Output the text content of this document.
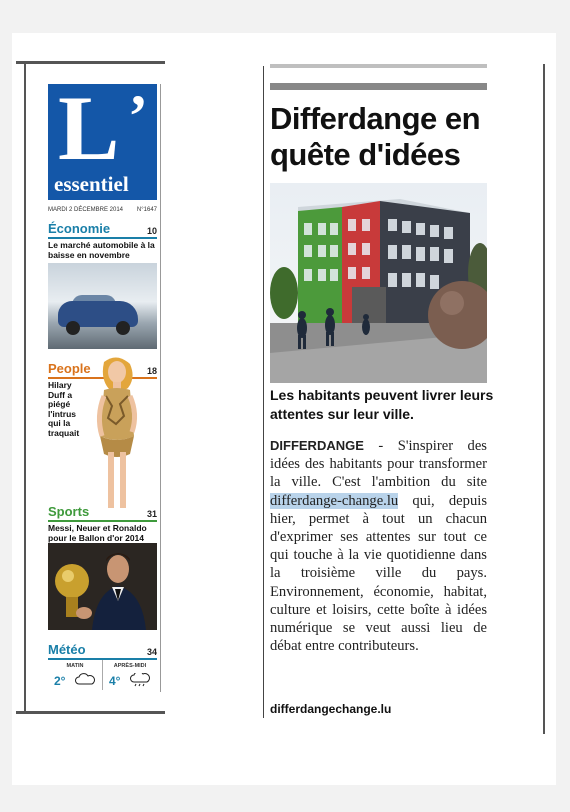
L ’
essentiel
MARDI 2 DÉCEMBRE 2014 N°1647
Économie	10
Le marché automobile à la baisse en novembre
People	18
Hilary Duff a piégé l'intrus qui la traquait
Sports	31
Messi, Neuer et Ronaldo pour le Ballon d'or 2014
Météo	34
MATIN
2°
APRÈS-MIDI
4°
Differdange en quête d'idées
Les habitants peuvent livrer leurs attentes sur leur ville.
DIFFERDANGE - S'inspirer des idées des habitants pour transformer la ville. C'est l'ambition du site differdange-change.lu qui, depuis hier, permet à tout un chacun d'exprimer ses attentes sur tout ce qui touche à la vie quotidienne dans la troisième ville du pays. Environnement, économie, habitat, culture et loisirs, cette boîte à idées numérique se veut aussi lieu de débat entre contributeurs.
differdangechange.lu
